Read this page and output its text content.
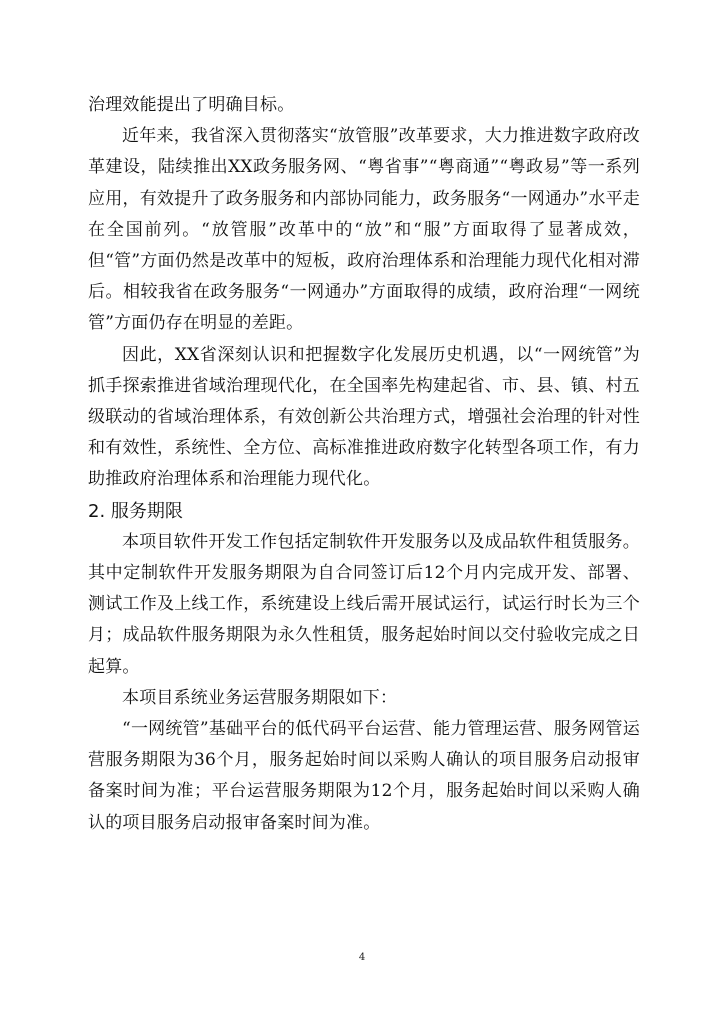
治理效能提出了明确目标。

近年来，我省深入贯彻落实“放管服”改革要求，大力推进数字政府改革建设，陆续推出XX政务服务网、“粤省事”“粤商通”“粤政易”等一系列应用，有效提升了政务服务和内部协同能力，政务服务“一网通办”水平走在全国前列。“放管服”改革中的“放”和“服”方面取得了显著成效，但“管”方面仍然是改革中的短板，政府治理体系和治理能力现代化相对滞后。相较我省在政务服务“一网通办”方面取得的成绩，政府治理“一网统管”方面仍存在明显的差距。

因此，XX省深刻认识和把握数字化发展历史机遇，以“一网统管”为抓手探索推进省域治理现代化，在全国率先构建起省、市、县、镇、村五级联动的省域治理体系，有效创新公共治理方式，增强社会治理的针对性和有效性，系统性、全方位、高标准推进政府数字化转型各项工作，有力助推政府治理体系和治理能力现代化。

2. 服务期限

本项目软件开发工作包括定制软件开发服务以及成品软件租赁服务。其中定制软件开发服务期限为自合同签订后12个月内完成开发、部署、测试工作及上线工作，系统建设上线后需开展试运行，试运行时长为三个月；成品软件服务期限为永久性租赁，服务起始时间以交付验收完成之日起算。

本项目系统业务运营服务期限如下：

“一网统管”基础平台的低代码平台运营、能力管理运营、服务网管运营服务期限为36个月，服务起始时间以采购人确认的项目服务启动报审备案时间为准；平台运营服务期限为12个月，服务起始时间以采购人确认的项目服务启动报审备案时间为准。

4
